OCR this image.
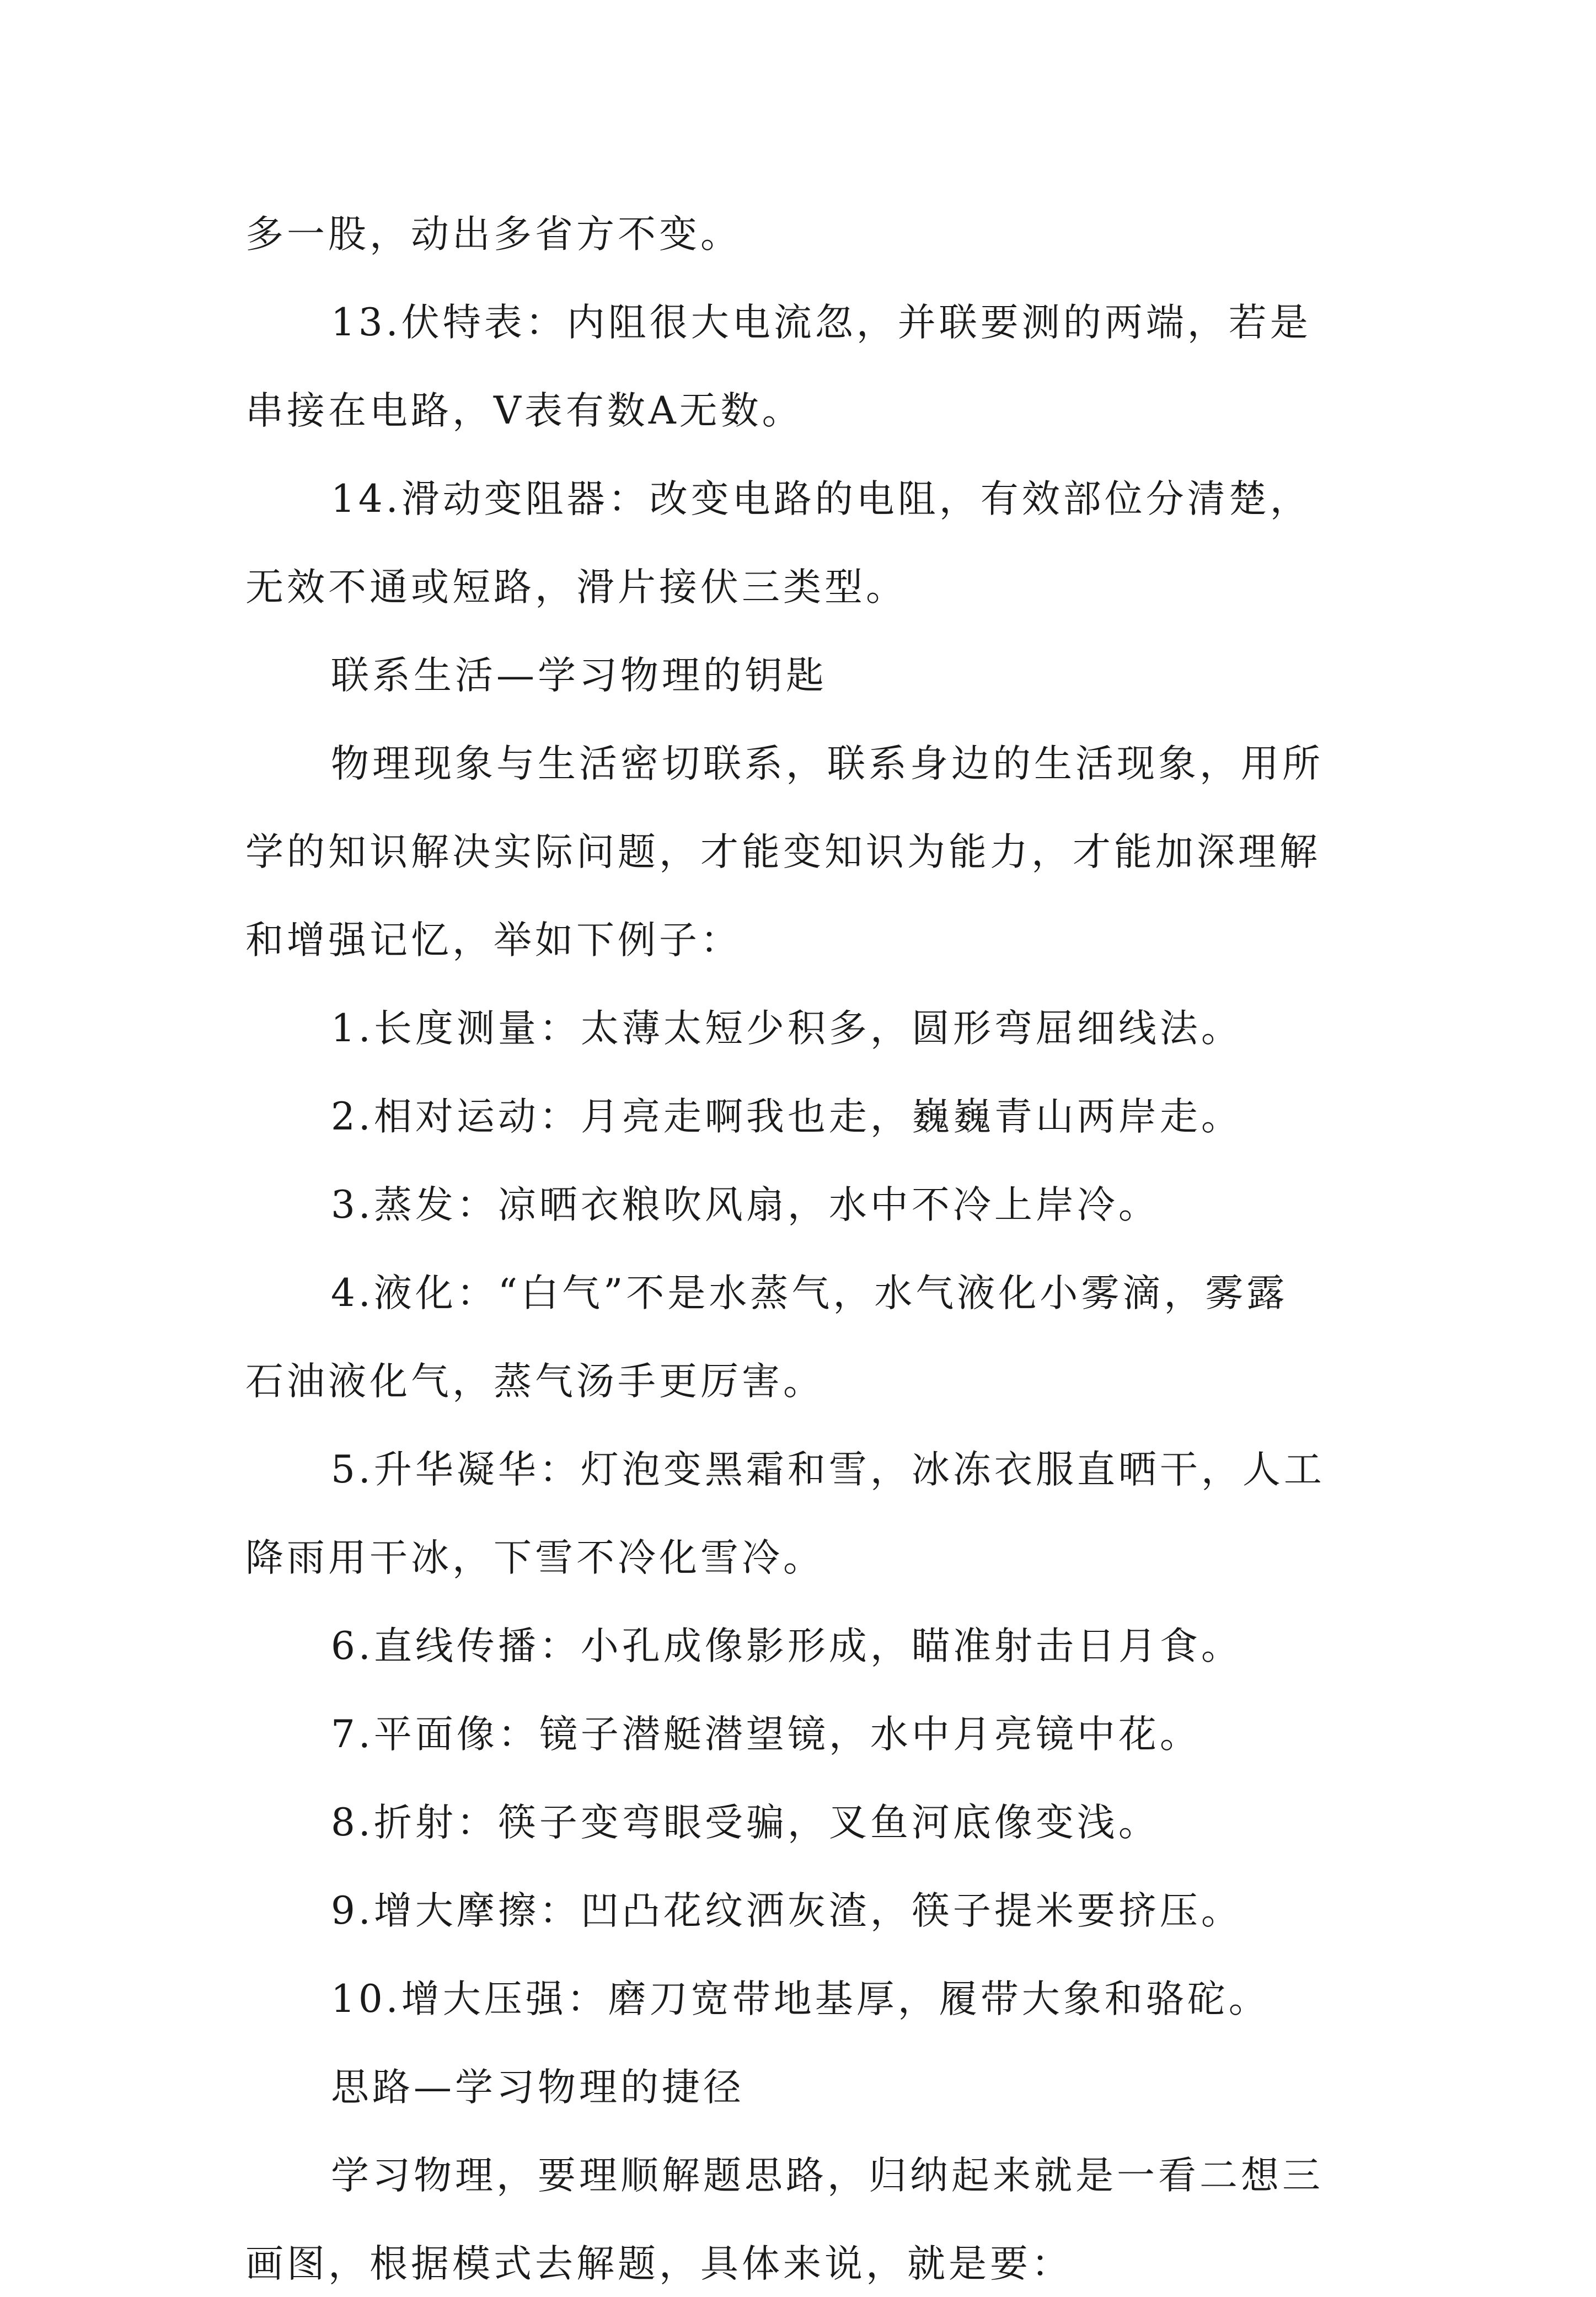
多一股，动出多省方不变。
13.伏特表：内阻很大电流忽，并联要测的两端，若是
串接在电路，V表有数A无数。
14.滑动变阻器：改变电路的电阻，有效部位分清楚，
无效不通或短路，滑片接伏三类型。
联系生活—学习物理的钥匙
物理现象与生活密切联系，联系身边的生活现象，用所
学的知识解决实际问题，才能变知识为能力，才能加深理解
和增强记忆，举如下例子：
1.长度测量：太薄太短少积多，圆形弯屈细线法。
2.相对运动：月亮走啊我也走，巍巍青山两岸走。
3.蒸发：凉晒衣粮吹风扇，水中不冷上岸冷。
4.液化：“白气”不是水蒸气，水气液化小雾滴，雾露
石油液化气，蒸气汤手更厉害。
5.升华凝华：灯泡变黑霜和雪，冰冻衣服直晒干，人工
降雨用干冰，下雪不冷化雪冷。
6.直线传播：小孔成像影形成，瞄准射击日月食。
7.平面像：镜子潜艇潜望镜，水中月亮镜中花。
8.折射：筷子变弯眼受骗，叉鱼河底像变浅。
9.增大摩擦：凹凸花纹洒灰渣，筷子提米要挤压。
10.增大压强：磨刀宽带地基厚，履带大象和骆砣。
思路—学习物理的捷径
学习物理，要理顺解题思路，归纳起来就是一看二想三
画图，根据模式去解题，具体来说，就是要：
